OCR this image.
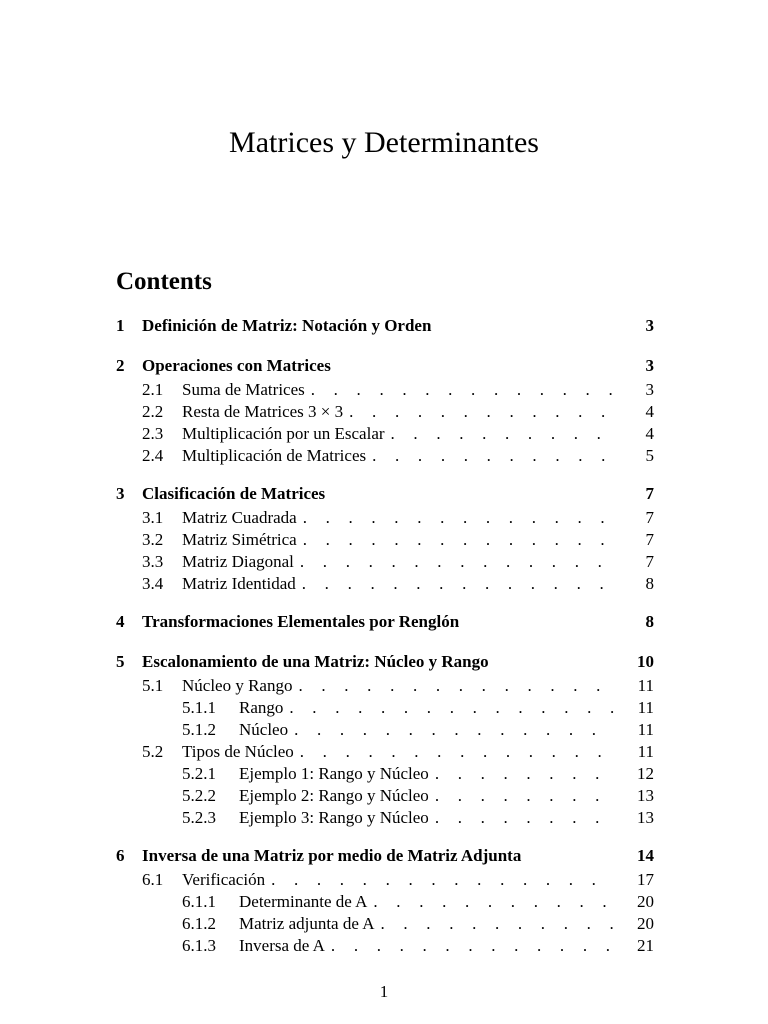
Matrices y Determinantes
Contents
1	Definición de Matriz: Notación y Orden	3
2	Operaciones con Matrices	3
2.1	Suma de Matrices . . .	3
2.2	Resta de Matrices 3 × 3 . . .	4
2.3	Multiplicación por un Escalar . . .	4
2.4	Multiplicación de Matrices . . .	5
3	Clasificación de Matrices	7
3.1	Matriz Cuadrada . . .	7
3.2	Matriz Simétrica . . .	7
3.3	Matriz Diagonal . . .	7
3.4	Matriz Identidad . . .	8
4	Transformaciones Elementales por Renglón	8
5	Escalonamiento de una Matriz: Núcleo y Rango	10
5.1	Núcleo y Rango . . .	11
5.1.1	Rango . . .	11
5.1.2	Núcleo . . .	11
5.2	Tipos de Núcleo . . .	11
5.2.1	Ejemplo 1: Rango y Núcleo . . .	12
5.2.2	Ejemplo 2: Rango y Núcleo . . .	13
5.2.3	Ejemplo 3: Rango y Núcleo . . .	13
6	Inversa de una Matriz por medio de Matriz Adjunta	14
6.1	Verificación . . .	17
6.1.1	Determinante de A . . .	20
6.1.2	Matriz adjunta de A . . .	20
6.1.3	Inversa de A . . .	21
1
